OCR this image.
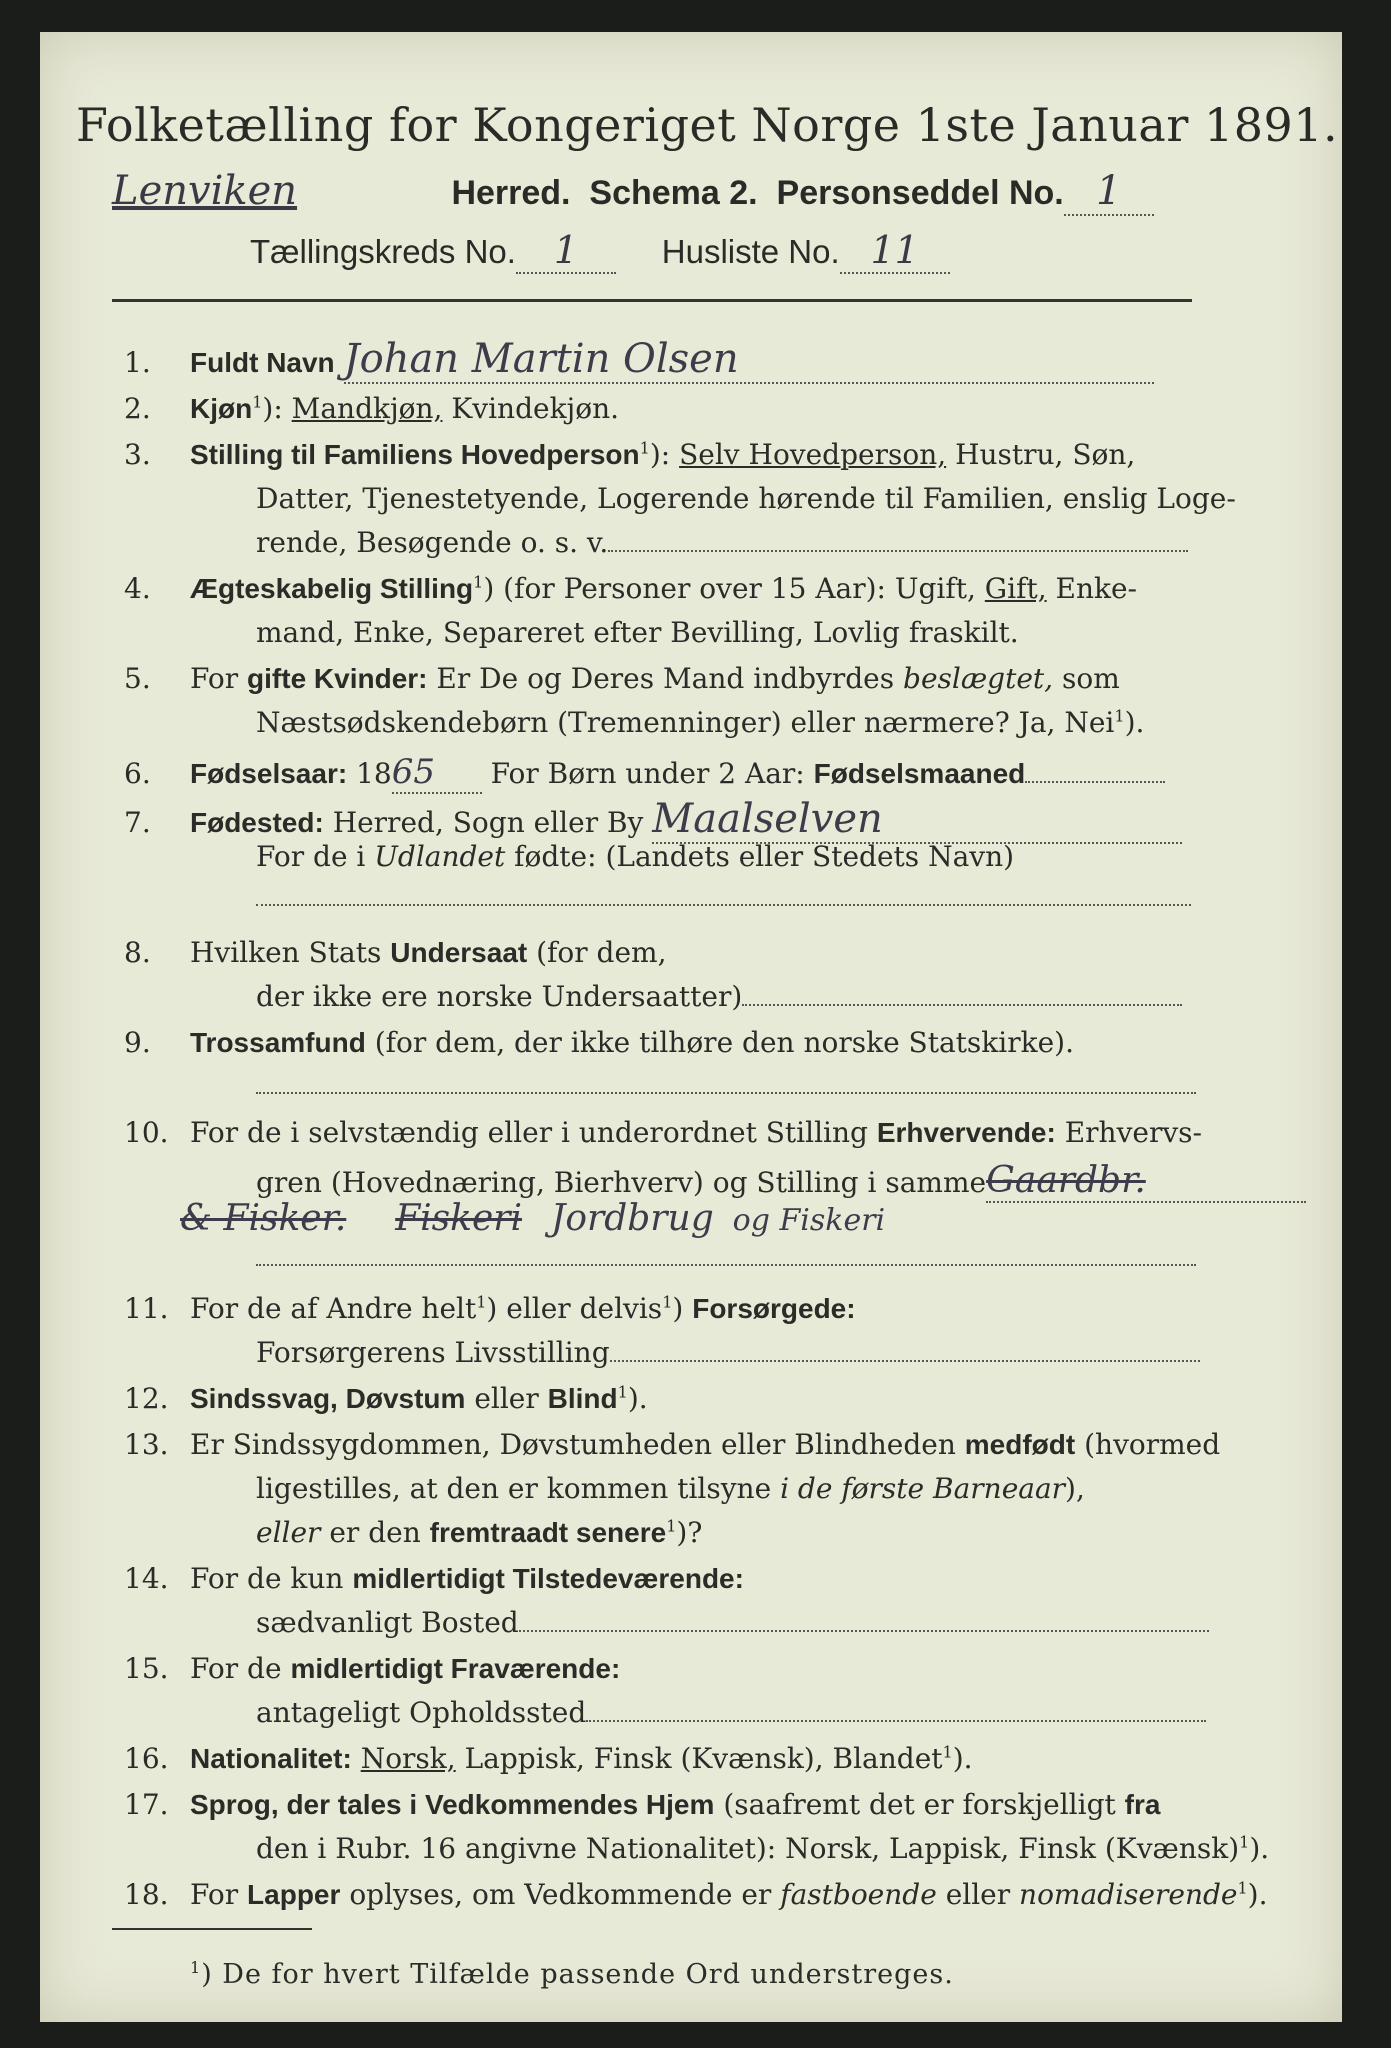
Folketælling for Kongeriget Norge 1ste Januar 1891.
Lenviken	Herred. Schema 2. Personseddel No. 1
Tællingskreds No. 1	Husliste No. 11
1. Fuldt Navn Johan Martin Olsen
2. Kjøn$^1$): Mandkjøn, Kvindekjøn.
3. Stilling til Familiens Hovedperson$^1$): Selv Hovedperson, Hustru, Søn,
Datter, Tjenestetyende, Logerende hørende til Familien, enslig Loge-
rende, Besøgende o. s. v.
4. Ægteskabelig Stilling$^1$) (for Personer over 15 Aar): Ugift, Gift, Enke-
mand, Enke, Separeret efter Bevilling, Lovlig fraskilt.
5. For gifte Kvinder: Er De og Deres Mand indbyrdes beslægtet, som
Næstsødskendebørn (Tremenninger) eller nærmere? Ja, Nei$^1$).
6. Fødselsaar: 1865 For Børn under 2 Aar: Fødselsmaaned
7. Fødested: Herred, Sogn eller By Maalselven
For de i Udlandet fødte: (Landets eller Stedets Navn)
8. Hvilken Stats Undersaat (for dem,
der ikke ere norske Undersaatter)
9. Trossamfund (for dem, der ikke tilhøre den norske Statskirke).
10. For de i selvstændig eller i underordnet Stilling Erhvervende: Erhvervs-
gren (Hovednæring, Bierhverv) og Stilling i sammeGaardbr.
& Fisker. Fiskeri Jordbrug og Fiskeri
11. For de af Andre helt$^1$) eller delvis$^1$) Forsørgede:
Forsørgerens Livsstilling
12. Sindssvag, Døvstum eller Blind$^1$).
13. Er Sindssygdommen, Døvstumheden eller Blindheden medfødt (hvormed
ligestilles, at den er kommen tilsyne i de første Barneaar),
eller er den fremtraadt senere$^1$)?
14. For de kun midlertidigt Tilstedeværende:
sædvanligt Bosted
15. For de midlertidigt Fraværende:
antageligt Opholdssted
16. Nationalitet: Norsk, Lappisk, Finsk (Kvænsk), Blandet$^1$).
17. Sprog, der tales i Vedkommendes Hjem (saafremt det er forskjelligt fra
den i Rubr. 16 angivne Nationalitet): Norsk, Lappisk, Finsk (Kvænsk)$^1$).
18. For Lapper oplyses, om Vedkommende er fastboende eller nomadiserende$^1$).
$^1$) De for hvert Tilfælde passende Ord understreges.
